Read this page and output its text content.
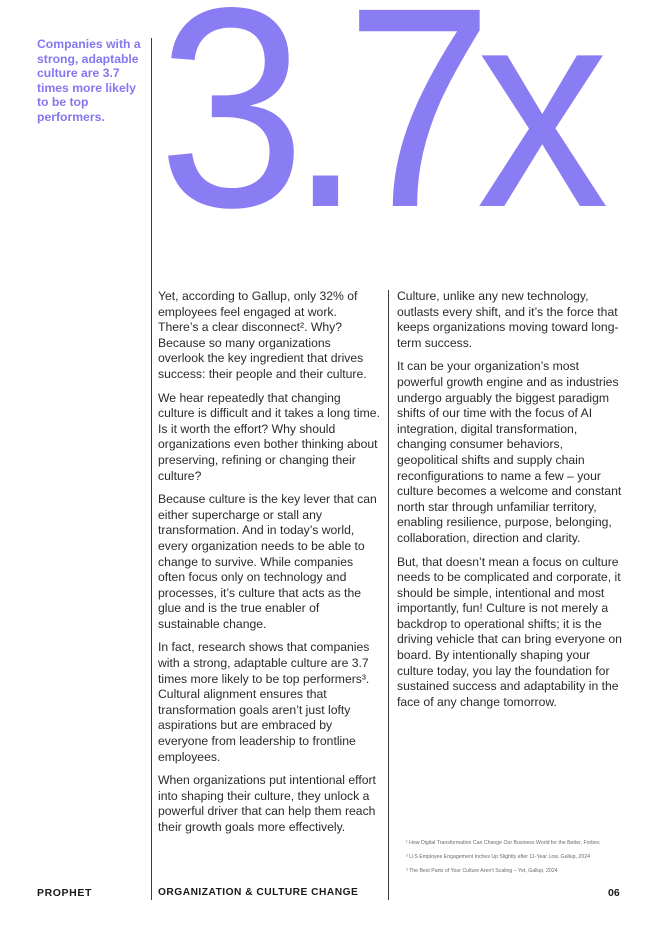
Companies with a strong, adaptable culture are 3.7 times more likely to be top performers. 3.7x

Yet, according to Gallup, only 32% of employees feel engaged at work. There’s a clear disconnect². Why? Because so many organizations overlook the key ingredient that drives success: their people and their culture.

We hear repeatedly that changing culture is difficult and it takes a long time. Is it worth the effort? Why should organizations even bother thinking about preserving, refining or changing their culture?

Because culture is the key lever that can either supercharge or stall any transformation. And in today’s world, every organization needs to be able to change to survive. While companies often focus only on technology and processes, it’s culture that acts as the glue and is the true enabler of sustainable change.

In fact, research shows that companies with a strong, adaptable culture are 3.7 times more likely to be top performers³. Cultural alignment ensures that transformation goals aren’t just lofty aspirations but are embraced by everyone from leadership to frontline employees.

When organizations put intentional effort into shaping their culture, they unlock a powerful driver that can help them reach their growth goals more effectively.

Culture, unlike any new technology, outlasts every shift, and it’s the force that keeps organizations moving toward long-term success.

It can be your organization’s most powerful growth engine and as industries undergo arguably the biggest paradigm shifts of our time with the focus of AI integration, digital transformation, changing consumer behaviors, geopolitical shifts and supply chain reconfigurations to name a few – your culture becomes a welcome and constant north star through unfamiliar territory, enabling resilience, purpose, belonging, collaboration, direction and clarity.

But, that doesn’t mean a focus on culture needs to be complicated and corporate, it should be simple, intentional and most importantly, fun! Culture is not merely a backdrop to operational shifts; it is the driving vehicle that can bring everyone on board. By intentionally shaping your culture today, you lay the foundation for sustained success and adaptability in the face of any change tomorrow.

¹ How Digital Transformation Can Change Our Business World for the Better, Forbes

² U.S Employee Engagement Inches Up Slightly after 11-Year Low, Gallup, 2024

³ The Best Parts of Your Culture Aren’t Scaling – Yet, Gallup, 2024

PROPHET	ORGANIZATION & CULTURE CHANGE	06
